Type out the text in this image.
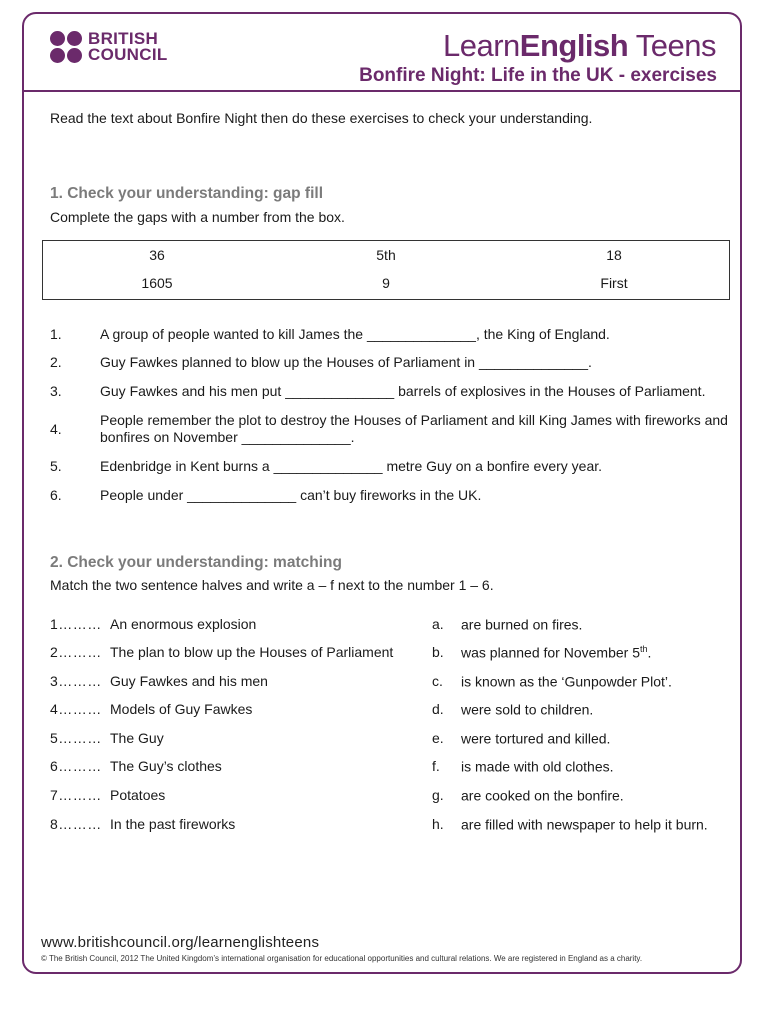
BRITISH
COUNCIL	LearnEnglish Teens
Bonfire Night: Life in the UK - exercises
Read the text about Bonfire Night then do these exercises to check your understanding.
1. Check your understanding: gap fill
Complete the gaps with a number from the box.
36	5th	18
1605	9	First
1.	A group of people wanted to kill James the ______________, the King of England.
2.	Guy Fawkes planned to blow up the Houses of Parliament in ______________.
3.	Guy Fawkes and his men put ______________ barrels of explosives in the Houses of Parliament.
4.
People remember the plot to destroy the Houses of Parliament and kill King James with fireworks and bonfires on November ______________.
5.	Edenbridge in Kent burns a ______________ metre Guy on a bonfire every year.
6.	People under ______________ can’t buy fireworks in the UK.
2. Check your understanding: matching
Match the two sentence halves and write a – f next to the number 1 – 6.
1……… An enormous explosion	a. are burned on fires.
2……… The plan to blow up the Houses of Parliament	b. was planned for November 5th.
3……… Guy Fawkes and his men	c. is known as the ‘Gunpowder Plot’.
4……… Models of Guy Fawkes	d. were sold to children.
5……… The Guy	e. were tortured and killed.
6……… The Guy’s clothes	f. is made with old clothes.
7……… Potatoes	g. are cooked on the bonfire.
8……… In the past fireworks	h. are filled with newspaper to help it burn.
www.britishcouncil.org/learnenglishteens
© The British Council, 2012 The United Kingdom’s international organisation for educational opportunities and cultural relations. We are registered in England as a charity.
